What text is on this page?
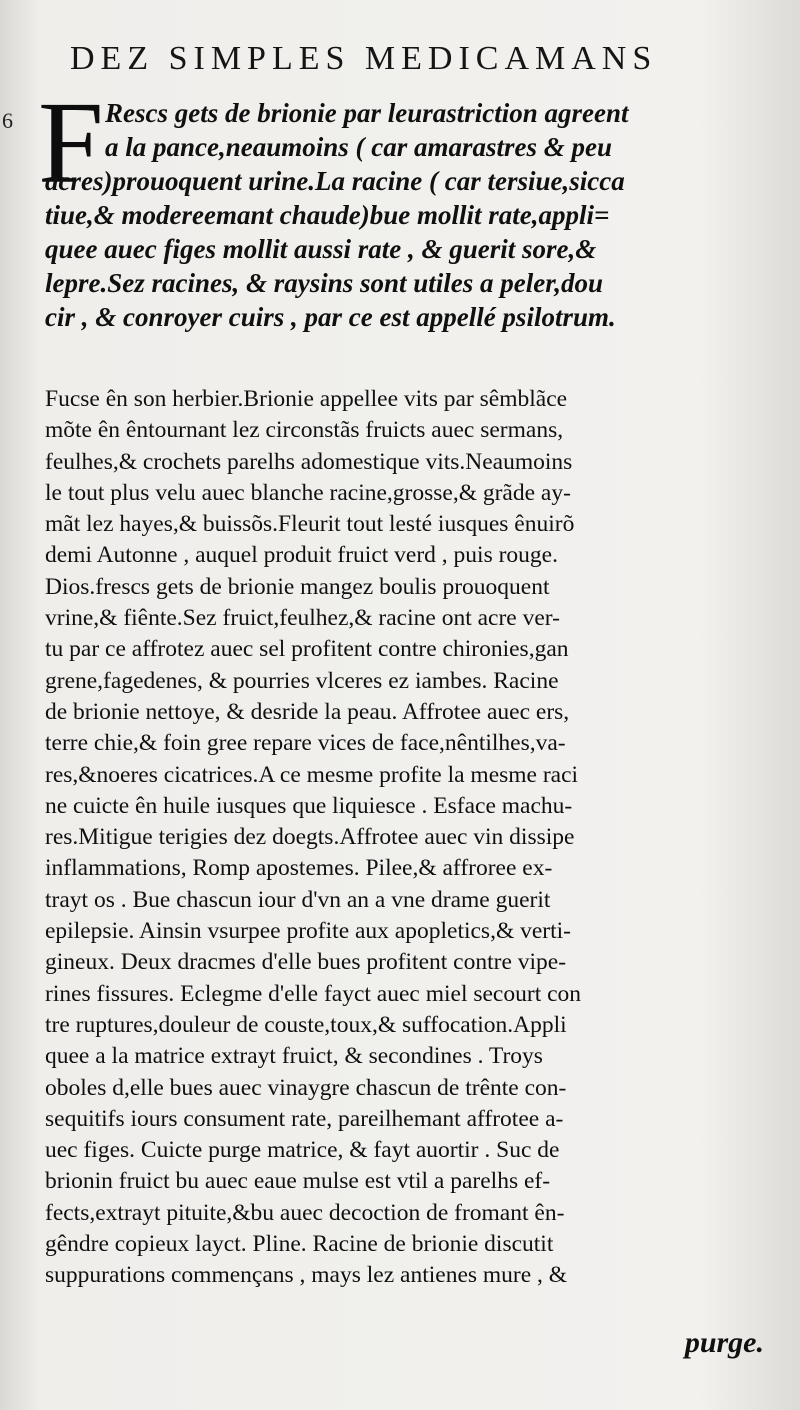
DEZ SIMPLES MEDICAMANS
6 F Rescs gets de brionie par leurastriction agreent
a la pance,neaumoins ( car amarastres & peu
acres)prouoquent urine.La racine ( car tersiue,sicca
tiue,& modereemant chaude)bue mollit rate,appli=
quee auec figes mollit aussi rate , & guerit sore,&
lepre.Sez racines, & raysins sont utiles a peler,dou
cir , & conroyer cuirs , par ce est appellé psilotrum.
Fucse ên son herbier.Brionie appellee vits par sêmblãce
mõte ên êntournant lez circonstãs fruicts auec sermans,
feulhes,& crochets parelhs adomestique vits.Neaumoins
le tout plus velu auec blanche racine,grosse,& grãde ay-
mãt lez hayes,& buissõs.Fleurit tout lesté iusques ênuirõ
demi Autonne , auquel produit fruict verd , puis rouge.
Dios.frescs gets de brionie mangez boulis prouoquent
vrine,& fiênte.Sez fruict,feulhez,& racine ont acre ver-
tu par ce affrotez auec sel profitent contre chironies,gan
grene,fagedenes, & pourries vlceres ez iambes. Racine
de brionie nettoye, & desride la peau. Affrotee auec ers,
terre chie,& foin gree repare vices de face,nêntilhes,va-
res,&noeres cicatrices.A ce mesme profite la mesme raci
ne cuicte ên huile iusques que liquiesce . Esface machu-
res.Mitigue terigies dez doegts.Affrotee auec vin dissipe
inflammations, Romp apostemes. Pilee,& affroree ex-
trayt os . Bue chascun iour d'vn an a vne drame guerit
epilepsie. Ainsin vsurpee profite aux apopletics,& verti-
gineux. Deux dracmes d'elle bues profitent contre vipe-
rines fissures. Eclegme d'elle fayct auec miel secourt con
tre ruptures,douleur de couste,toux,& suffocation.Appli
quee a la matrice extrayt fruict, & secondines . Troys
oboles d,elle bues auec vinaygre chascun de trênte con-
sequitifs iours consument rate, pareilhemant affrotee a-
uec figes. Cuicte purge matrice, & fayt auortir . Suc de
brionin fruict bu auec eaue mulse est vtil a parelhs ef-
fects,extrayt pituite,&bu auec decoction de fromant ên-
gêndre copieux layct. Pline. Racine de brionie discutit
suppurations commençans , mays lez antienes mure , &
purge.
